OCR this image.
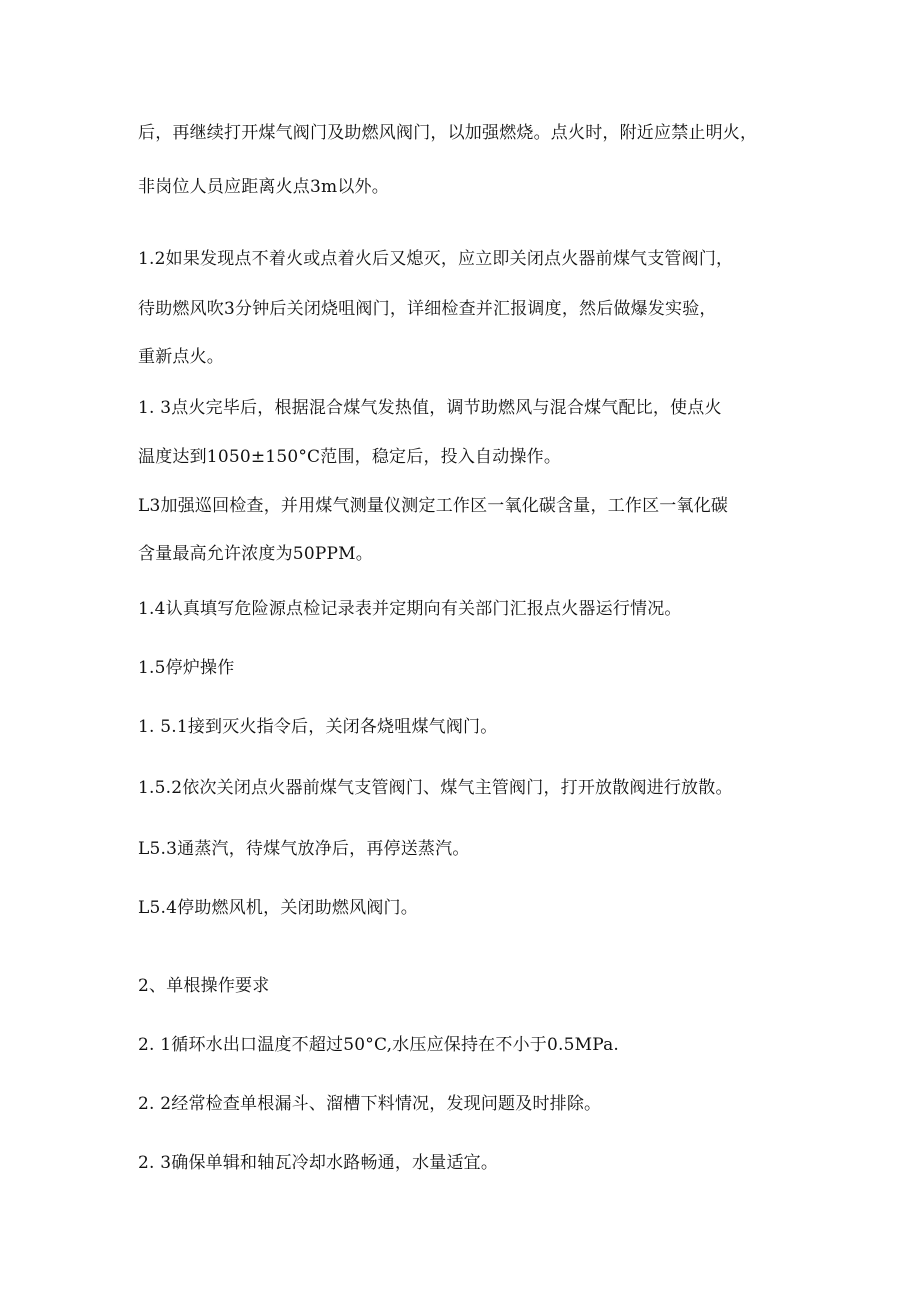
后，再继续打开煤气阀门及助燃风阀门，以加强燃烧。点火时，附近应禁止明火，
非岗位人员应距离火点3m以外。
1.2如果发现点不着火或点着火后又熄灭，应立即关闭点火器前煤气支管阀门，
待助燃风吹3分钟后关闭烧咀阀门，详细检查并汇报调度，然后做爆发实验，
重新点火。
1. 3点火完毕后，根据混合煤气发热值，调节助燃风与混合煤气配比，使点火
温度达到1050±150°C范围，稳定后，投入自动操作。
L3加强巡回检查，并用煤气测量仪测定工作区一氧化碳含量，工作区一氧化碳
含量最高允许浓度为50PPM。
1.4认真填写危险源点检记录表并定期向有关部门汇报点火器运行情况。
1.5停炉操作
1. 5.1接到灭火指令后，关闭各烧咀煤气阀门。
1.5.2依次关闭点火器前煤气支管阀门、煤气主管阀门，打开放散阀进行放散。
L5.3通蒸汽，待煤气放净后，再停送蒸汽。
L5.4停助燃风机，关闭助燃风阀门。
2、单根操作要求
2. 1循环水出口温度不超过50°C,水压应保持在不小于0.5MPa.
2. 2经常检查单根漏斗、溜槽下料情况，发现问题及时排除。
2. 3确保单辑和轴瓦冷却水路畅通，水量适宜。
